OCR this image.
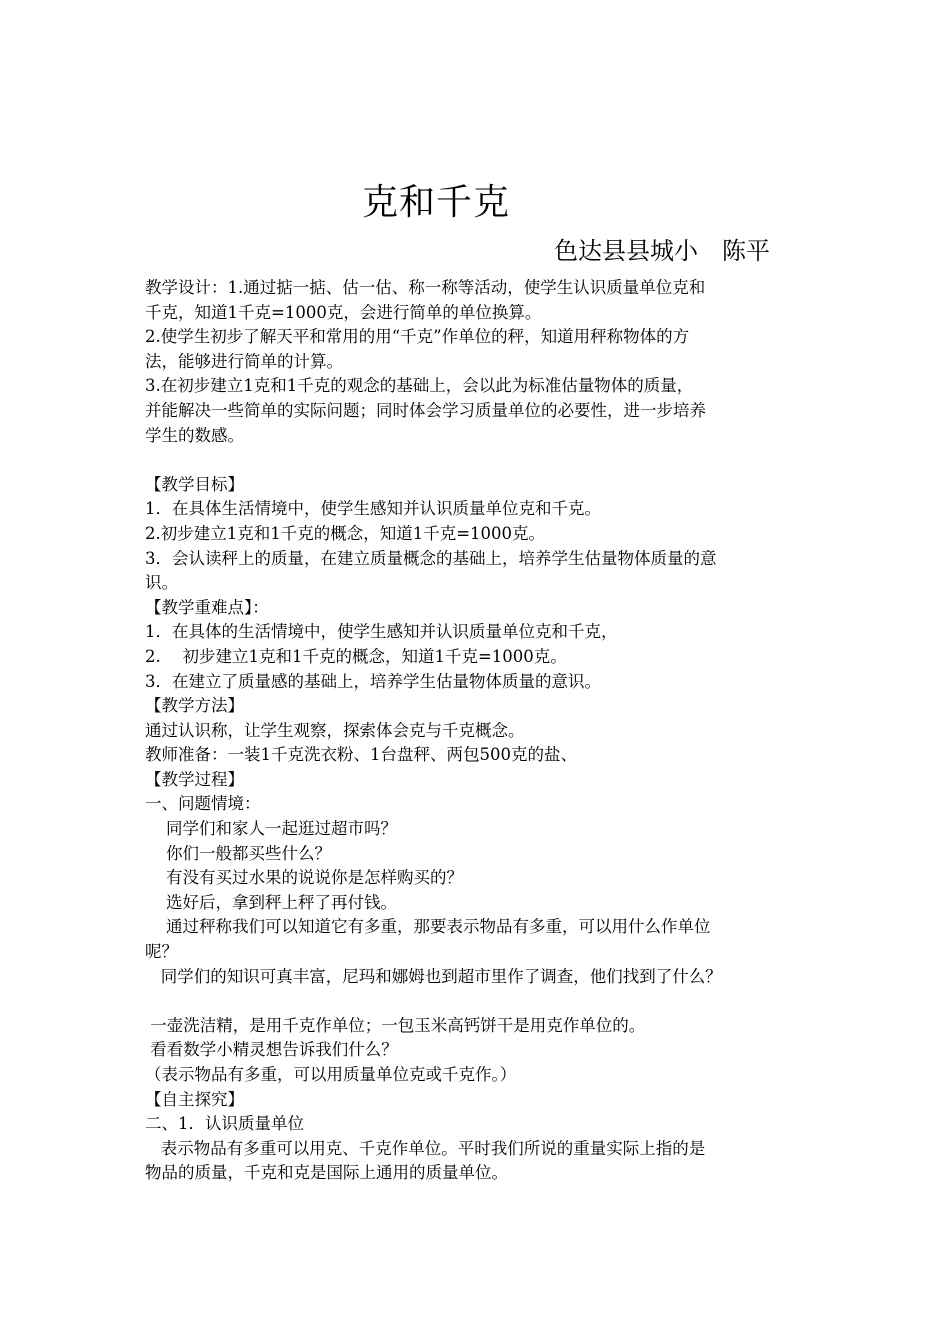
克和千克
色达县县城小　陈平
教学设计：1.通过掂一掂、估一估、称一称等活动，使学生认识质量单位克和
千克，知道1千克=1000克，会进行简单的单位换算。
2.使学生初步了解天平和常用的用“千克”作单位的秤，知道用秤称物体的方
法，能够进行简单的计算。
3.在初步建立1克和1千克的观念的基础上，会以此为标准估量物体的质量，
并能解决一些简单的实际问题；同时体会学习质量单位的必要性，进一步培养
学生的数感。
【教学目标】
1．在具体生活情境中，使学生感知并认识质量单位克和千克。
2.初步建立1克和1千克的概念，知道1千克=1000克。
3．会认读秤上的质量，在建立质量概念的基础上，培养学生估量物体质量的意
识。
【教学重难点】：
1．在具体的生活情境中，使学生感知并认识质量单位克和千克，
2.　 初步建立1克和1千克的概念，知道1千克=1000克。
3．在建立了质量感的基础上，培养学生估量物体质量的意识。
【教学方法】
通过认识称，让学生观察，探索体会克与千克概念。
教师准备：一装1千克洗衣粉、1台盘秤、两包500克的盐、
【教学过程】
一、问题情境：
同学们和家人一起逛过超市吗？
你们一般都买些什么？
有没有买过水果的说说你是怎样购买的？
选好后，拿到秤上秤了再付钱。
通过秤称我们可以知道它有多重，那要表示物品有多重，可以用什么作单位
呢？
同学们的知识可真丰富，尼玛和娜姆也到超市里作了调查，他们找到了什么？
一壶洗洁精，是用千克作单位；一包玉米高钙饼干是用克作单位的。
看看数学小精灵想告诉我们什么？
（表示物品有多重，可以用质量单位克或千克作。）
【自主探究】
二、1．认识质量单位
表示物品有多重可以用克、千克作单位。平时我们所说的重量实际上指的是
物品的质量，千克和克是国际上通用的质量单位。
